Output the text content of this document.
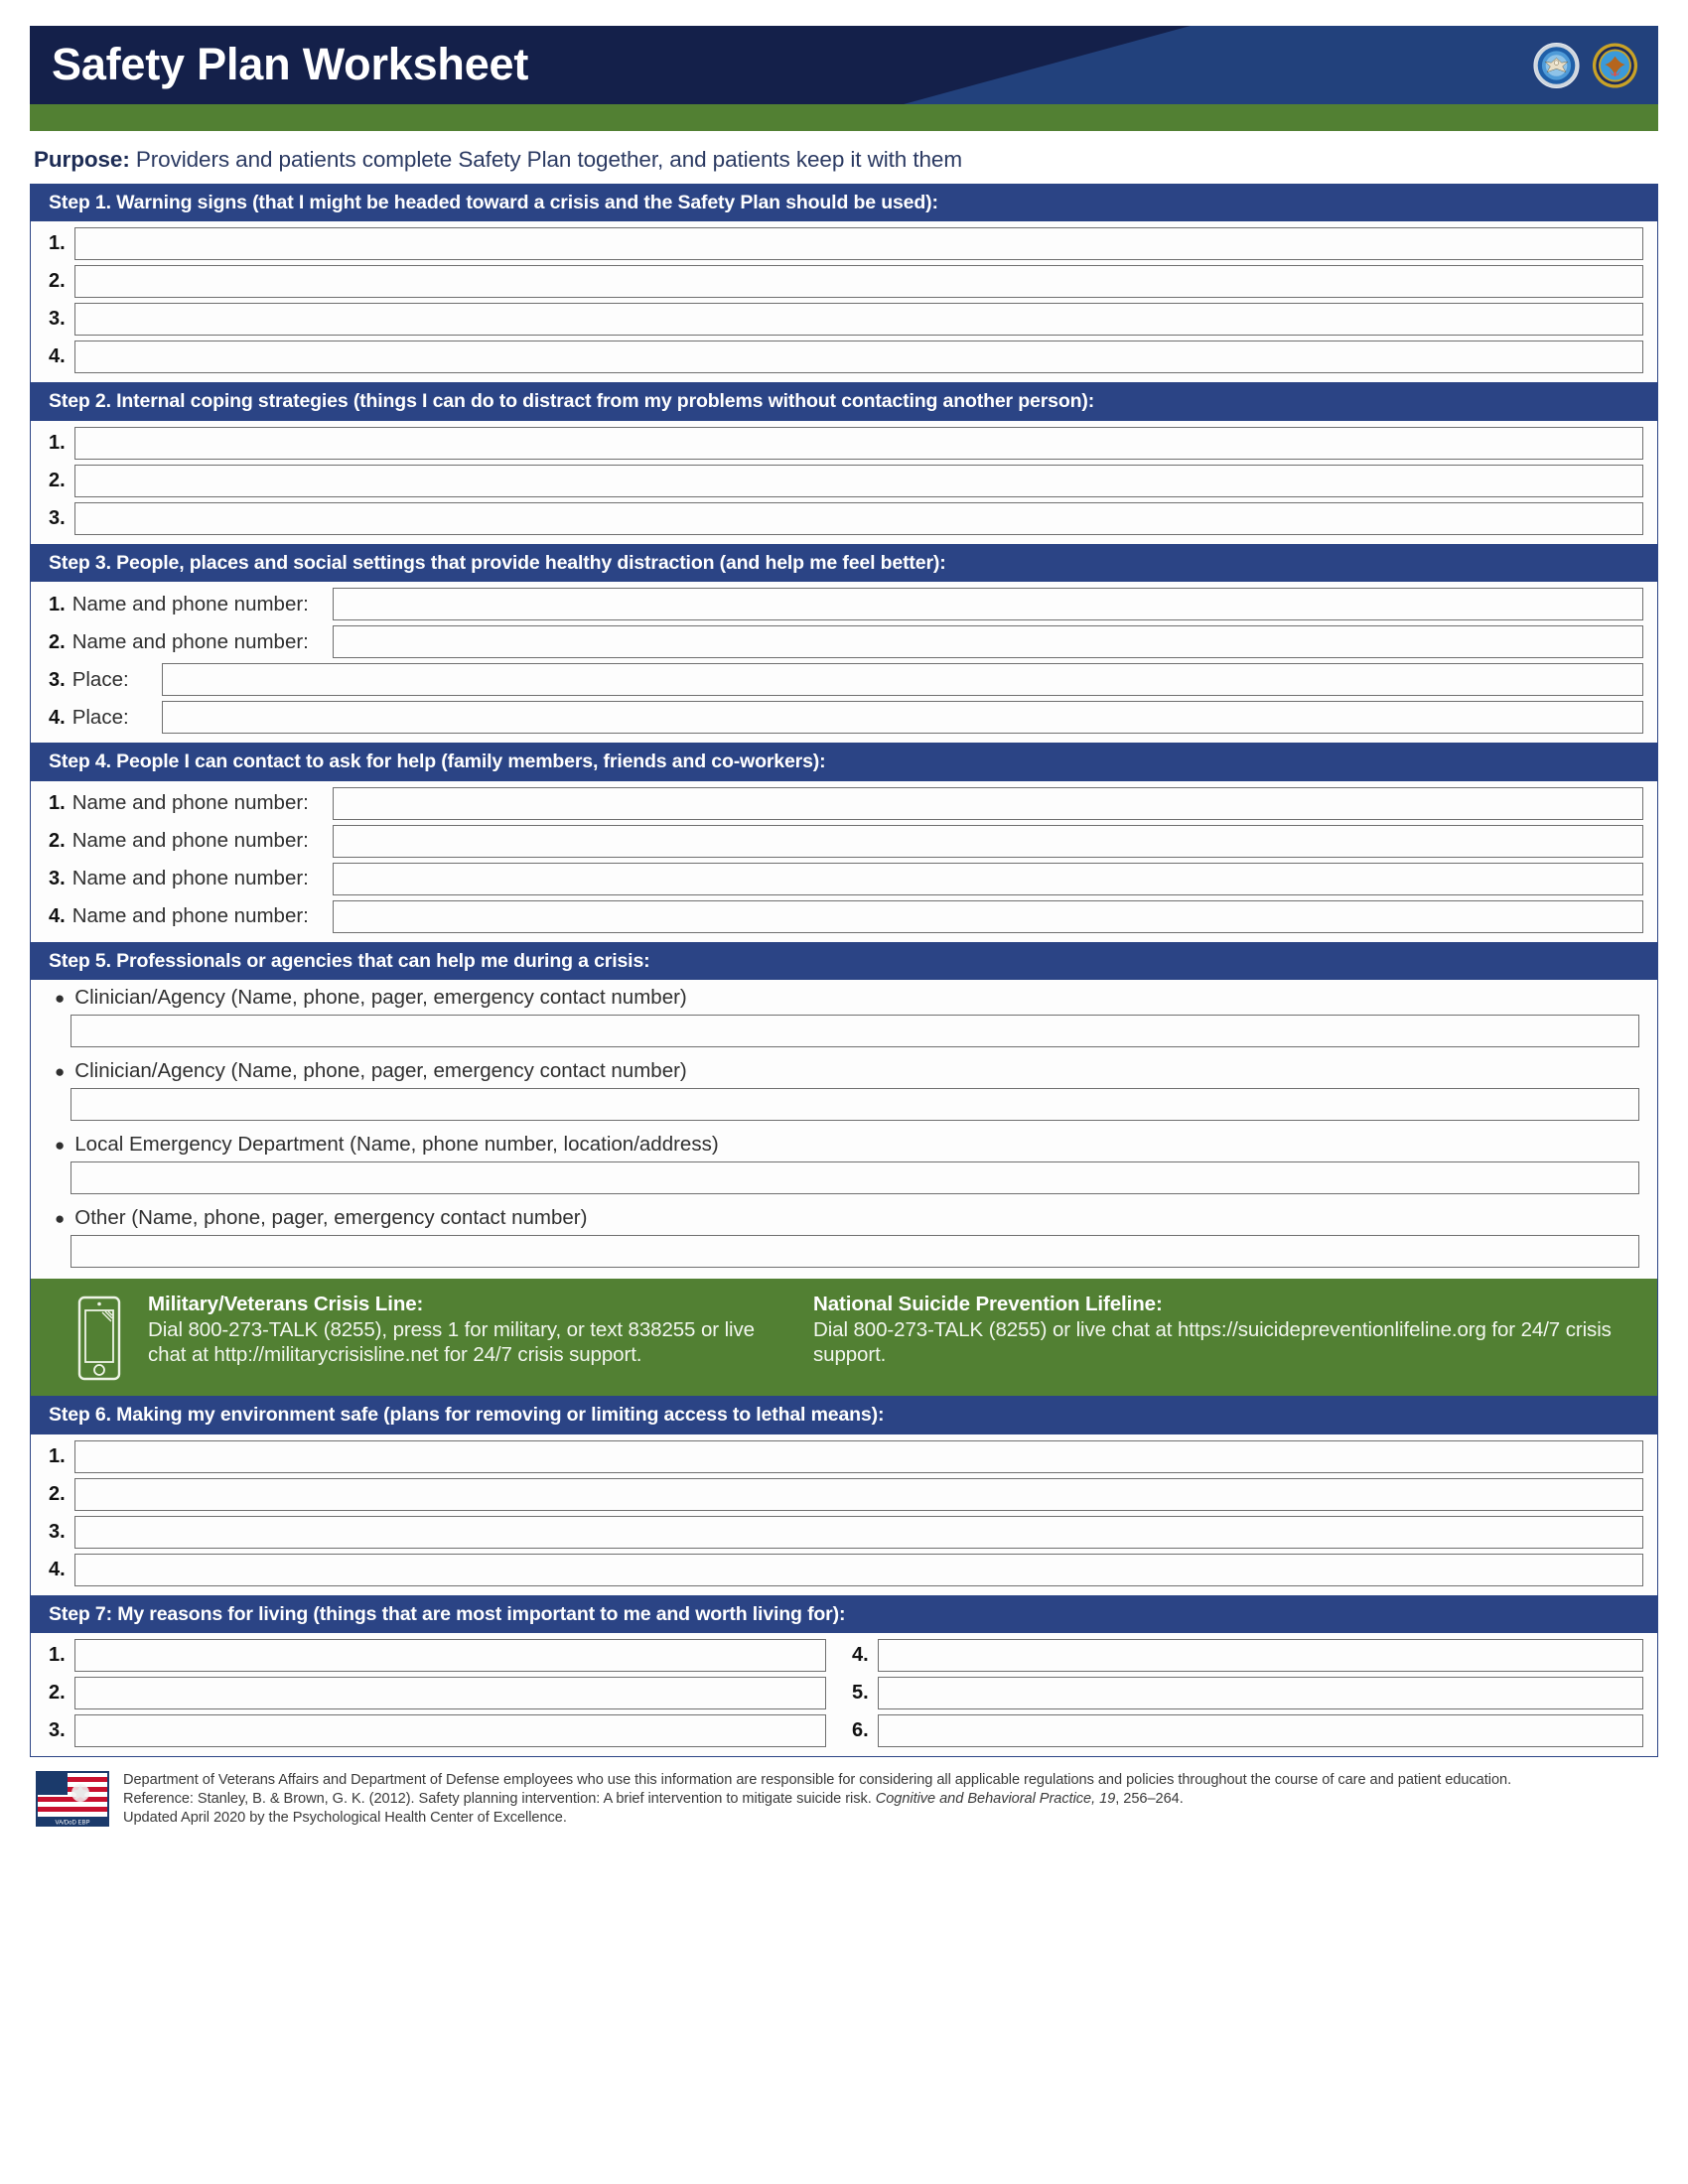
Safety Plan Worksheet
Purpose: Providers and patients complete Safety Plan together, and patients keep it with them
Step 1. Warning signs (that I might be headed toward a crisis and the Safety Plan should be used):
1.
2.
3.
4.
Step 2. Internal coping strategies (things I can do to distract from my problems without contacting another person):
1.
2.
3.
Step 3. People, places and social settings that provide healthy distraction (and help me feel better):
1. Name and phone number:
2. Name and phone number:
3. Place:
4. Place:
Step 4. People I can contact to ask for help (family members, friends and co-workers):
1. Name and phone number:
2. Name and phone number:
3. Name and phone number:
4. Name and phone number:
Step 5. Professionals or agencies that can help me during a crisis:
● Clinician/Agency (Name, phone, pager, emergency contact number)
● Clinician/Agency (Name, phone, pager, emergency contact number)
● Local Emergency Department (Name, phone number, location/address)
● Other (Name, phone, pager, emergency contact number)
Military/Veterans Crisis Line:
Dial 800-273-TALK (8255), press 1 for military, or text 838255 or live chat at http://militarycrisisline.net for 24/7 crisis support.
National Suicide Prevention Lifeline:
Dial 800-273-TALK (8255) or live chat at https://suicidepreventionlifeline.org for 24/7 crisis support.
Step 6. Making my environment safe (plans for removing or limiting access to lethal means):
1.
2.
3.
4.
Step 7: My reasons for living (things that are most important to me and worth living for):
1.
2.
3.
4.
5.
6.
VA/DoD EBP
Department of Veterans Affairs and Department of Defense employees who use this information are responsible for considering all applicable regulations and policies throughout the course of care and patient education.
Reference: Stanley, B. & Brown, G. K. (2012). Safety planning intervention: A brief intervention to mitigate suicide risk. Cognitive and Behavioral Practice, 19, 256–264.
Updated April 2020 by the Psychological Health Center of Excellence.
